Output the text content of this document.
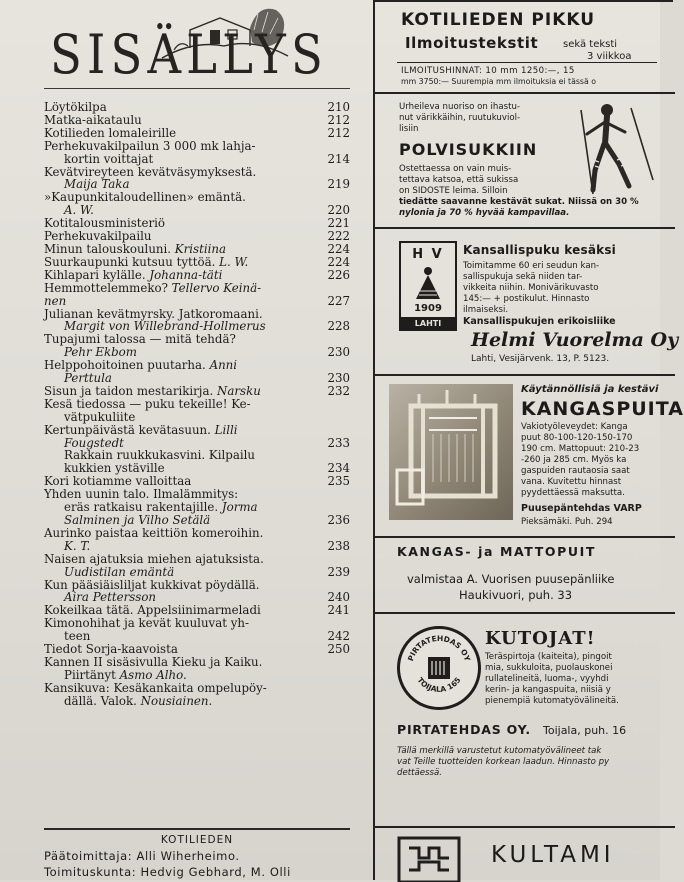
SISÄLLYS
Löytökilpa	210
Matka-aikataulu	212
Kotilieden lomaleirille	212
Perhekuvakilpailun 3 000 mk lahja-
kortin voittajat	214
Kevätvireyteen kevätväsymyksestä.
Maija Taka	219
»Kaupunkitaloudellinen» emäntä.
A. W.	220
Kotitalousministeriö	221
Perhekuvakilpailu	222
Minun talouskouluni. Kristiina	224
Suurkaupunki kutsuu tyttöä. L. W.	224
Kihlapari kylälle. Johanna-täti	226
Hemmottelemmeko? Tellervo Keinä-
nen	227
Julianan kevätmyrsky. Jatkoromaani.
Margit von Willebrand-Hollmerus	228
Tupajumi talossa — mitä tehdä?
Pehr Ekbom	230
Helppohoitoinen puutarha. Anni
Perttula	230
Sisun ja taidon mestarikirja. Narsku	232
Kesä tiedossa — puku tekeille! Ke-
vätpukuliite
Kertunpäivästä kevätasuun. Lilli
Fougstedt	233
Rakkain ruukkukasvini. Kilpailu
kukkien ystäville	234
Kori kotiamme valloittaa	235
Yhden uunin talo. Ilmalämmitys:
eräs ratkaisu rakentajille. Jorma
Salminen ja Vilho Setälä	236
Aurinko paistaa keittiön komeroihin.
K. T.	238
Naisen ajatuksia miehen ajatuksista.
Uudistilan emäntä	239
Kun pääsiäisliljat kukkivat pöydällä.
Aira Pettersson	240
Kokeilkaa tätä. Appelsiinimarmeladi	241
Kimonohihat ja kevät kuuluvat yh-
teen	242
Tiedot Sorja-kaavoista	250
Kannen II sisäsivulla Kieku ja Kaiku.
Piirtänyt Asmo Alho.
Kansikuva: Kesäkankaita ompelupöy-
dällä. Valok. Nousiainen.
KOTILIEDEN
Päätoimittaja: Alli Wiherheimo.
Toimituskunta: Hedvig Gebhard, M. Olli
KOTILIEDEN PIKKU
Ilmoitustekstit sekä teksti
3 viikkoa
ILMOITUSHINNAT: 10 mm 1250:—, 15
mm 3750:— Suurempia mm ilmoituksia ei tässä o
Urheileva nuoriso on ihastu-
nut värikkäihin, ruutukuviol-
lisiin
POLVISUKKIIN
Ostettaessa on vain muis-
tettava katsoa, että sukissa
on SIDOSTE leima. Silloin
tiedätte saavanne kestävät sukat. Niissä on 30 %
nylonia ja 70 % hyvää kampavillaa.
H V
1909
LAHTI
Kansallispuku kesäksi
Toimitamme 60 eri seudun kan-
sallispukuja sekä niiden tar-
vikkeita niihin. Monivärikuvasto
145:— + postikulut. Hinnasto
ilmaiseksi.
Kansallispukujen erikoisliike
Helmi Vuorelma Oy
Lahti, Vesijärvenk. 13, P. 5123.
Käytännöllisiä ja kestävi
KANGASPUITA
Vakiotyöleveydet: Kanga
puut 80-100-120-150-170
190 cm. Mattopuut: 210-23
-260 ja 285 cm. Myös ka
gaspuiden rautaosia saat
vana. Kuvitettu hinnast
pyydettäessä maksutta.
Puusepäntehdas VARP
Pieksämäki. Puh. 294
KANGAS- ja MATTOPUIT
valmistaa A. Vuorisen puusepänliike
Haukivuori, puh. 33
PIRTATEHDAS OY
TOIJALA 165
KUTOJAT!
Teräspirtoja (kaiteita), pingoit
mia, sukkuloita, puolauskonei
rullatelineitä, luoma-, vyyhdi
kerin- ja kangaspuita, niisiä y
pienempiä kutomatyövälineitä.
PIRTATEHDAS OY. Toijala, puh. 16
Tällä merkillä varustetut kutomatyövälineet tak
vat Teille tuotteiden korkean laadun. Hinnasto py
dettäessä.
KULTAMI
